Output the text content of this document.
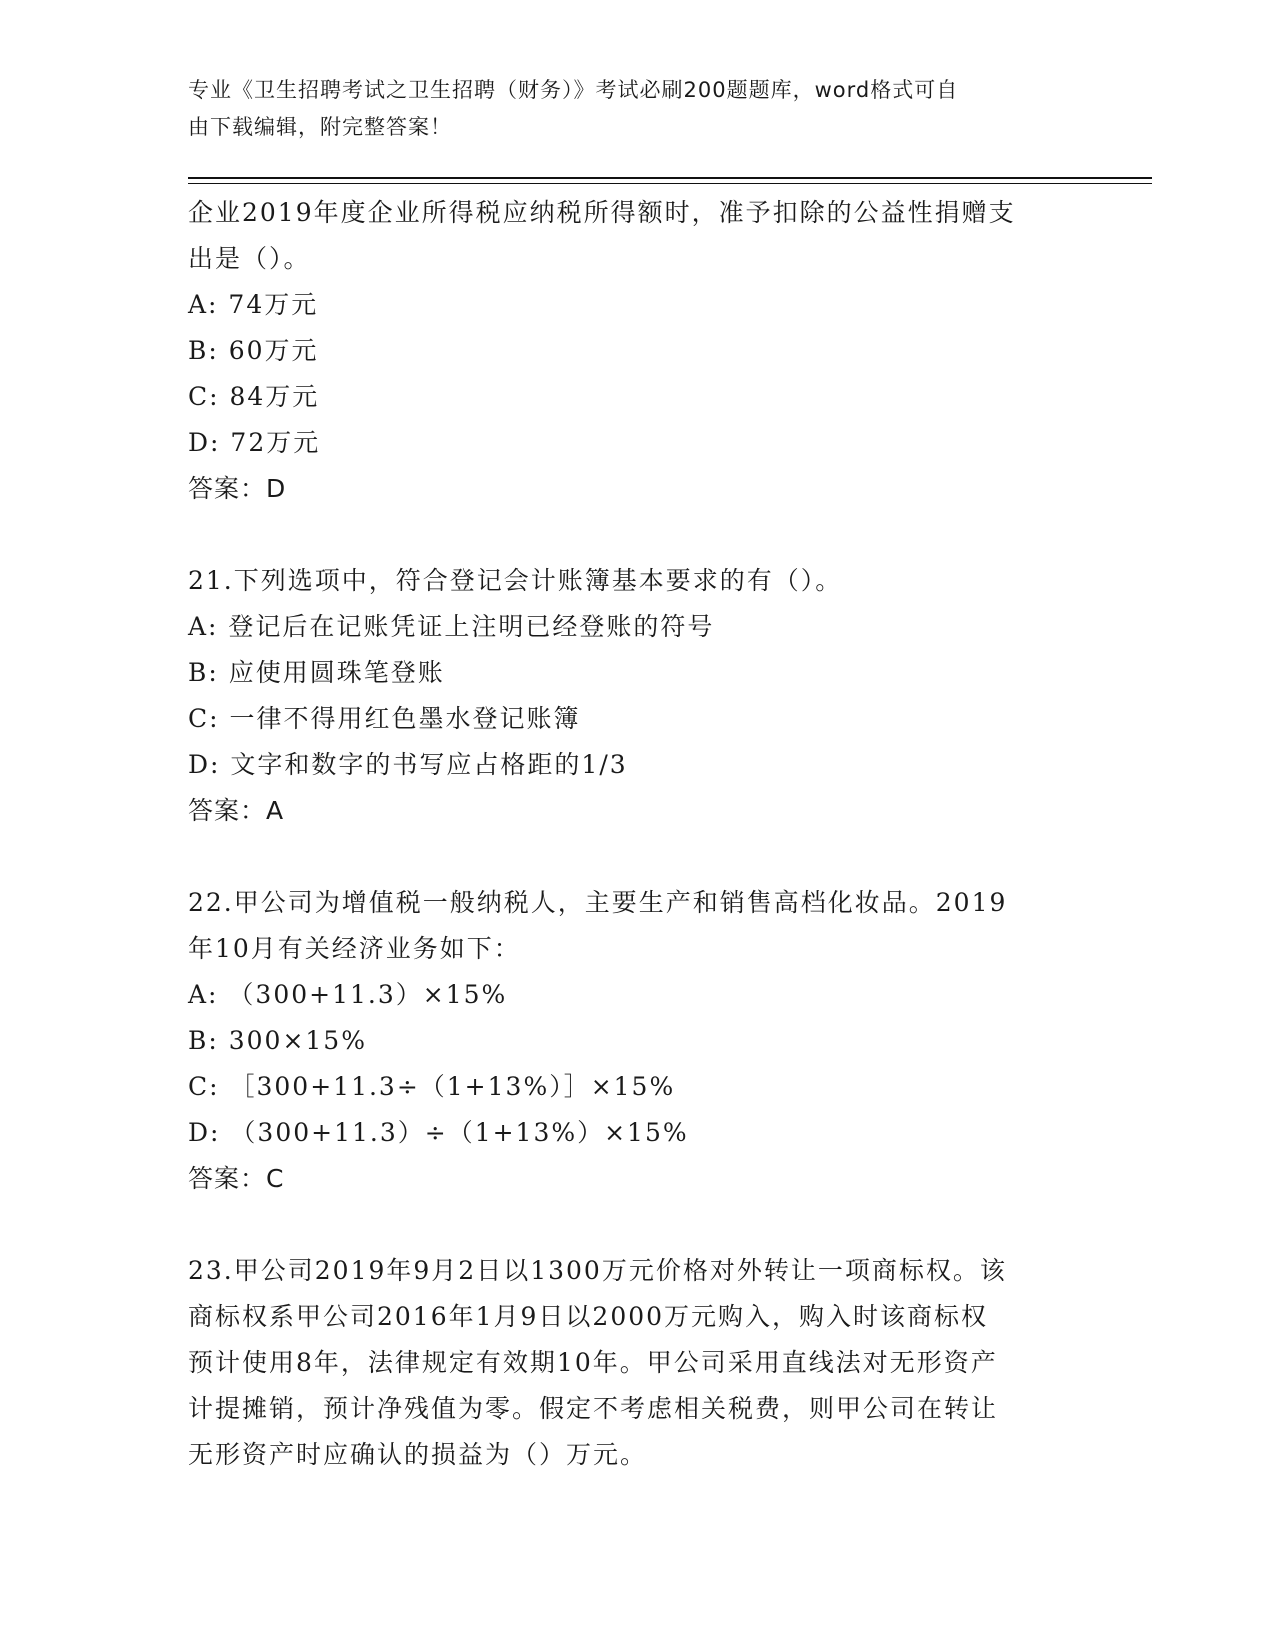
专业《卫生招聘考试之卫生招聘（财务）》考试必刷200题题库，word格式可自
由下载编辑，附完整答案！
企业2019年度企业所得税应纳税所得额时，准予扣除的公益性捐赠支
出是（）。
A: 74万元
B: 60万元
C: 84万元
D: 72万元
答案：D
21.下列选项中，符合登记会计账簿基本要求的有（）。
A: 登记后在记账凭证上注明已经登账的符号
B: 应使用圆珠笔登账
C: 一律不得用红色墨水登记账簿
D: 文字和数字的书写应占格距的1/3
答案：A
22.甲公司为增值税一般纳税人，主要生产和销售高档化妆品。2019
年10月有关经济业务如下：
A: （300+11.3）×15%
B: 300×15%
C: ［300+11.3÷（1+13%）］×15%
D: （300+11.3）÷（1+13%）×15%
答案：C
23.甲公司2019年9月2日以1300万元价格对外转让一项商标权。该
商标权系甲公司2016年1月9日以2000万元购入，购入时该商标权
预计使用8年，法律规定有效期10年。甲公司采用直线法对无形资产
计提摊销，预计净残值为零。假定不考虑相关税费，则甲公司在转让
无形资产时应确认的损益为（）万元。
